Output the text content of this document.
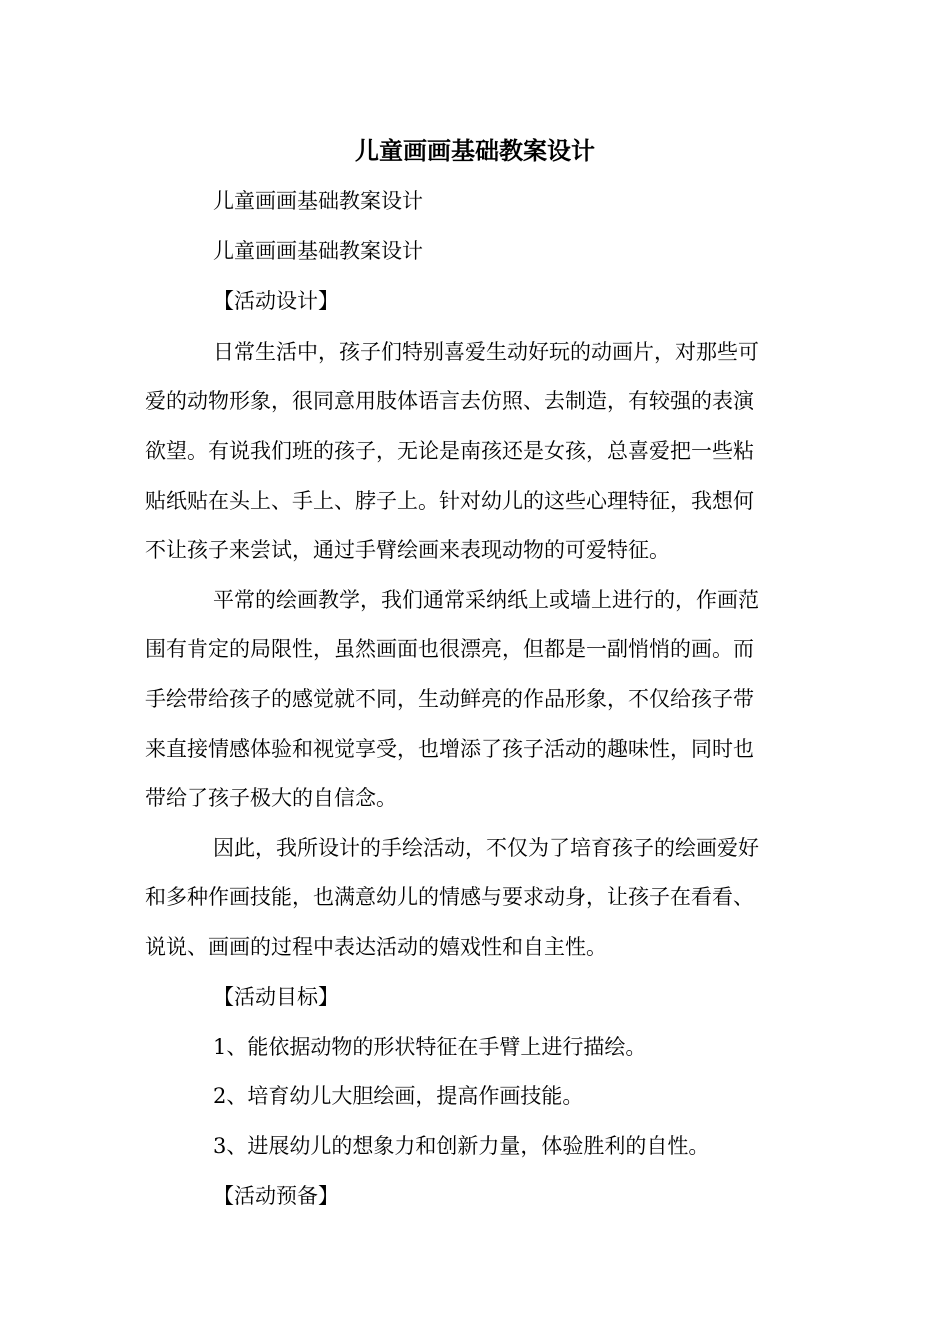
儿童画画基础教案设计
儿童画画基础教案设计
儿童画画基础教案设计
【活动设计】
日常生活中，孩子们特别喜爱生动好玩的动画片，对那些可
爱的动物形象，很同意用肢体语言去仿照、去制造，有较强的表演
欲望。有说我们班的孩子，无论是南孩还是女孩，总喜爱把一些粘
贴纸贴在头上、手上、脖子上。针对幼儿的这些心理特征，我想何
不让孩子来尝试，通过手臂绘画来表现动物的可爱特征。
平常的绘画教学，我们通常采纳纸上或墙上进行的，作画范
围有肯定的局限性，虽然画面也很漂亮，但都是一副悄悄的画。而
手绘带给孩子的感觉就不同，生动鲜亮的作品形象，不仅给孩子带
来直接情感体验和视觉享受，也增添了孩子活动的趣味性，同时也
带给了孩子极大的自信念。
因此，我所设计的手绘活动，不仅为了培育孩子的绘画爱好
和多种作画技能，也满意幼儿的情感与要求动身，让孩子在看看、
说说、画画的过程中表达活动的嬉戏性和自主性。
【活动目标】
1、能依据动物的形状特征在手臂上进行描绘。
2、培育幼儿大胆绘画，提高作画技能。
3、进展幼儿的想象力和创新力量，体验胜利的自性。
【活动预备】
